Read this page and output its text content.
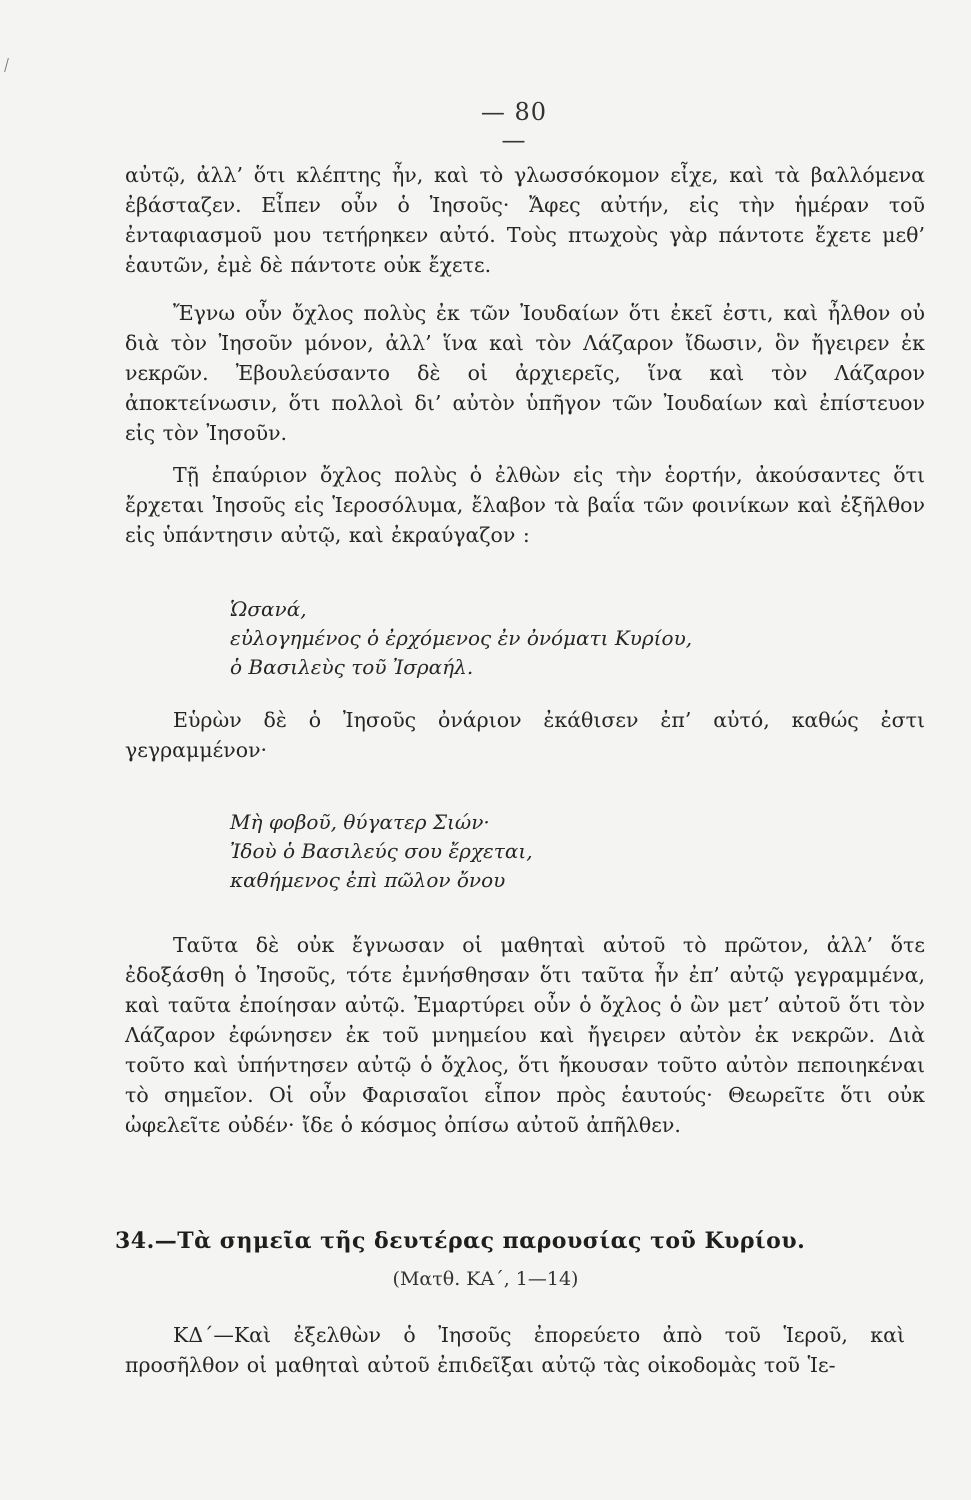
— 80 —

αὐτῷ, ἀλλ’ ὅτι κλέπτης ἦν, καὶ τὸ γλωσσόκομον εἶχε, καὶ τὰ βαλλόμενα ἐβάσταζεν. Εἶπεν οὖν ὁ Ἰησοῦς· Ἄφες αὐτήν, εἰς τὴν ἡμέραν τοῦ ἐνταφιασμοῦ μου τετήρηκεν αὐτό. Τοὺς πτωχοὺς γὰρ πάντοτε ἔχετε μεθ’ ἑαυτῶν, ἐμὲ δὲ πάντοτε οὐκ ἔχετε.

Ἔγνω οὖν ὄχλος πολὺς ἐκ τῶν Ἰουδαίων ὅτι ἐκεῖ ἐστι, καὶ ἦλθον οὐ διὰ τὸν Ἰησοῦν μόνον, ἀλλ’ ἵνα καὶ τὸν Λάζαρον ἴδωσιν, ὃν ἤγειρεν ἐκ νεκρῶν. Ἐβουλεύσαντο δὲ οἱ ἀρχιερεῖς, ἵνα καὶ τὸν Λάζαρον ἀποκτείνωσιν, ὅτι πολλοὶ δι’ αὐτὸν ὑπῆγον τῶν Ἰουδαίων καὶ ἐπίστευον εἰς τὸν Ἰησοῦν.

Τῇ ἐπαύριον ὄχλος πολὺς ὁ ἐλθὼν εἰς τὴν ἑορτήν, ἀκούσαντες ὅτι ἔρχεται Ἰησοῦς εἰς Ἱεροσόλυμα, ἔλαβον τὰ βαΐα τῶν φοινίκων καὶ ἐξῆλθον εἰς ὑπάντησιν αὐτῷ, καὶ ἐκραύγαζον :

Ὡσανά,
εὐλογημένος ὁ ἐρχόμενος ἐν ὀνόματι Κυρίου,
ὁ Βασιλεὺς τοῦ Ἰσραήλ.

Εὑρὼν δὲ ὁ Ἰησοῦς ὀνάριον ἐκάθισεν ἐπ’ αὐτό, καθώς ἐστι γεγραμμένον·

Μὴ φοβοῦ, θύγατερ Σιών·
Ἰδοὺ ὁ Βασιλεύς σου ἔρχεται,
καθήμενος ἐπὶ πῶλον ὄνου

Ταῦτα δὲ οὐκ ἔγνωσαν οἱ μαθηταὶ αὐτοῦ τὸ πρῶτον, ἀλλ’ ὅτε ἐδοξάσθη ὁ Ἰησοῦς, τότε ἐμνήσθησαν ὅτι ταῦτα ἦν ἐπ’ αὐτῷ γεγραμμένα, καὶ ταῦτα ἐποίησαν αὐτῷ. Ἐμαρτύρει οὖν ὁ ὄχλος ὁ ὢν μετ’ αὐτοῦ ὅτι τὸν Λάζαρον ἐφώνησεν ἐκ τοῦ μνημείου καὶ ἤγειρεν αὐτὸν ἐκ νεκρῶν. Διὰ τοῦτο καὶ ὑπήντησεν αὐτῷ ὁ ὄχλος, ὅτι ἤκουσαν τοῦτο αὐτὸν πεποιηκέναι τὸ σημεῖον. Οἱ οὖν Φαρισαῖοι εἶπον πρὸς ἑαυτούς· Θεωρεῖτε ὅτι οὐκ ὠφελεῖτε οὐδέν· ἴδε ὁ κόσμος ὀπίσω αὐτοῦ ἀπῆλθεν.

34.—Τὰ σημεῖα τῆς δευτέρας παρουσίας τοῦ Κυρίου.
(Ματθ. ΚΑ΄, 1—14)

ΚΔ΄—Καὶ ἐξελθὼν ὁ Ἰησοῦς ἐπορεύετο ἀπὸ τοῦ Ἱεροῦ, καὶ προσῆλθον οἱ μαθηταὶ αὐτοῦ ἐπιδεῖξαι αὐτῷ τὰς οἰκοδομὰς τοῦ Ἱε-
